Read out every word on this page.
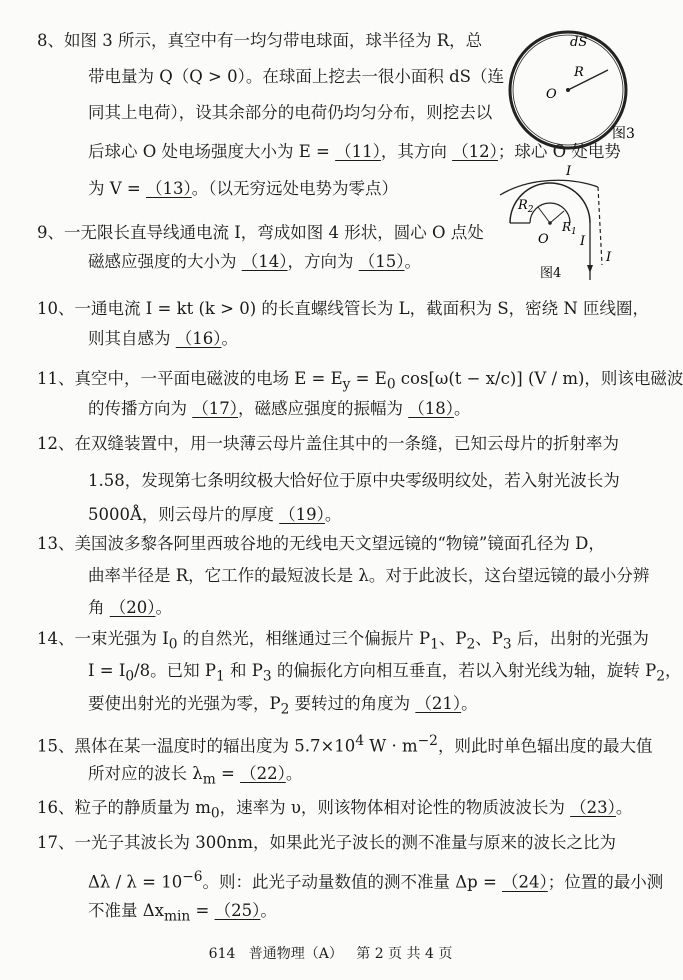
8、如图 3 所示，真空中有一均匀带电球面，球半径为 R，总
带电量为 Q（Q > 0）。在球面上挖去一很小面积 dS（连
同其上电荷），设其余部分的电荷仍均匀分布，则挖去以
后球心 O 处电场强度大小为 E = （11），其方向 （12）；球心 O 处电势
为 V = （13）。（以无穷远处电势为零点）
dS
R
O
图3
9、一无限长直导线通电流 I，弯成如图 4 形状，圆心 O 点处
磁感应强度的大小为 （14），方向为 （15）。
I
$R_2$
$R_1$
O I
I
图4
10、一通电流 I = kt (k > 0) 的长直螺线管长为 L，截面积为 S，密绕 N 匝线圈，
则其自感为 （16）。
11、真空中，一平面电磁波的电场 $E = E_y = E_0$ cos[ω(t − x/c)] (V / m)，则该电磁波
的传播方向为 （17），磁感应强度的振幅为 （18）。
12、在双缝装置中，用一块薄云母片盖住其中的一条缝，已知云母片的折射率为
1.58，发现第七条明纹极大恰好位于原中央零级明纹处，若入射光波长为
5000Å，则云母片的厚度 （19）。
13、美国波多黎各阿里西玻谷地的无线电天文望远镜的“物镜”镜面孔径为 D，
曲率半径是 R，它工作的最短波长是 λ。对于此波长，这台望远镜的最小分辨
角 （20）。
14、一束光强为 $I_0$ 的自然光，相继通过三个偏振片 $P_1$、$P_2$、$P_3$ 后，出射的光强为
$I = I_0/8$。已知 $P_1$ 和 $P_3$ 的偏振化方向相互垂直，若以入射光线为轴，旋转 $P_2$，
要使出射光的光强为零，$P_2$ 要转过的角度为 （21）。
15、黑体在某一温度时的辐出度为 $5.7\times 10^4$ $W \cdot m^{-2}$，则此时单色辐出度的最大值
所对应的波长 $\lambda_m = (22)$。
16、粒子的静质量为 $m_0$，速率为 υ，则该物体相对论性的物质波波长为 （23）。
17、一光子其波长为 300nm，如果此光子波长的测不准量与原来的波长之比为
$\Delta\lambda / \lambda = 10^{-6}$。则：此光子动量数值的测不准量 Δp = （24）；位置的最小测
不准量 $\Delta x_{min} = (25)$。
614 普通物理（A） 第 2 页 共 4 页
